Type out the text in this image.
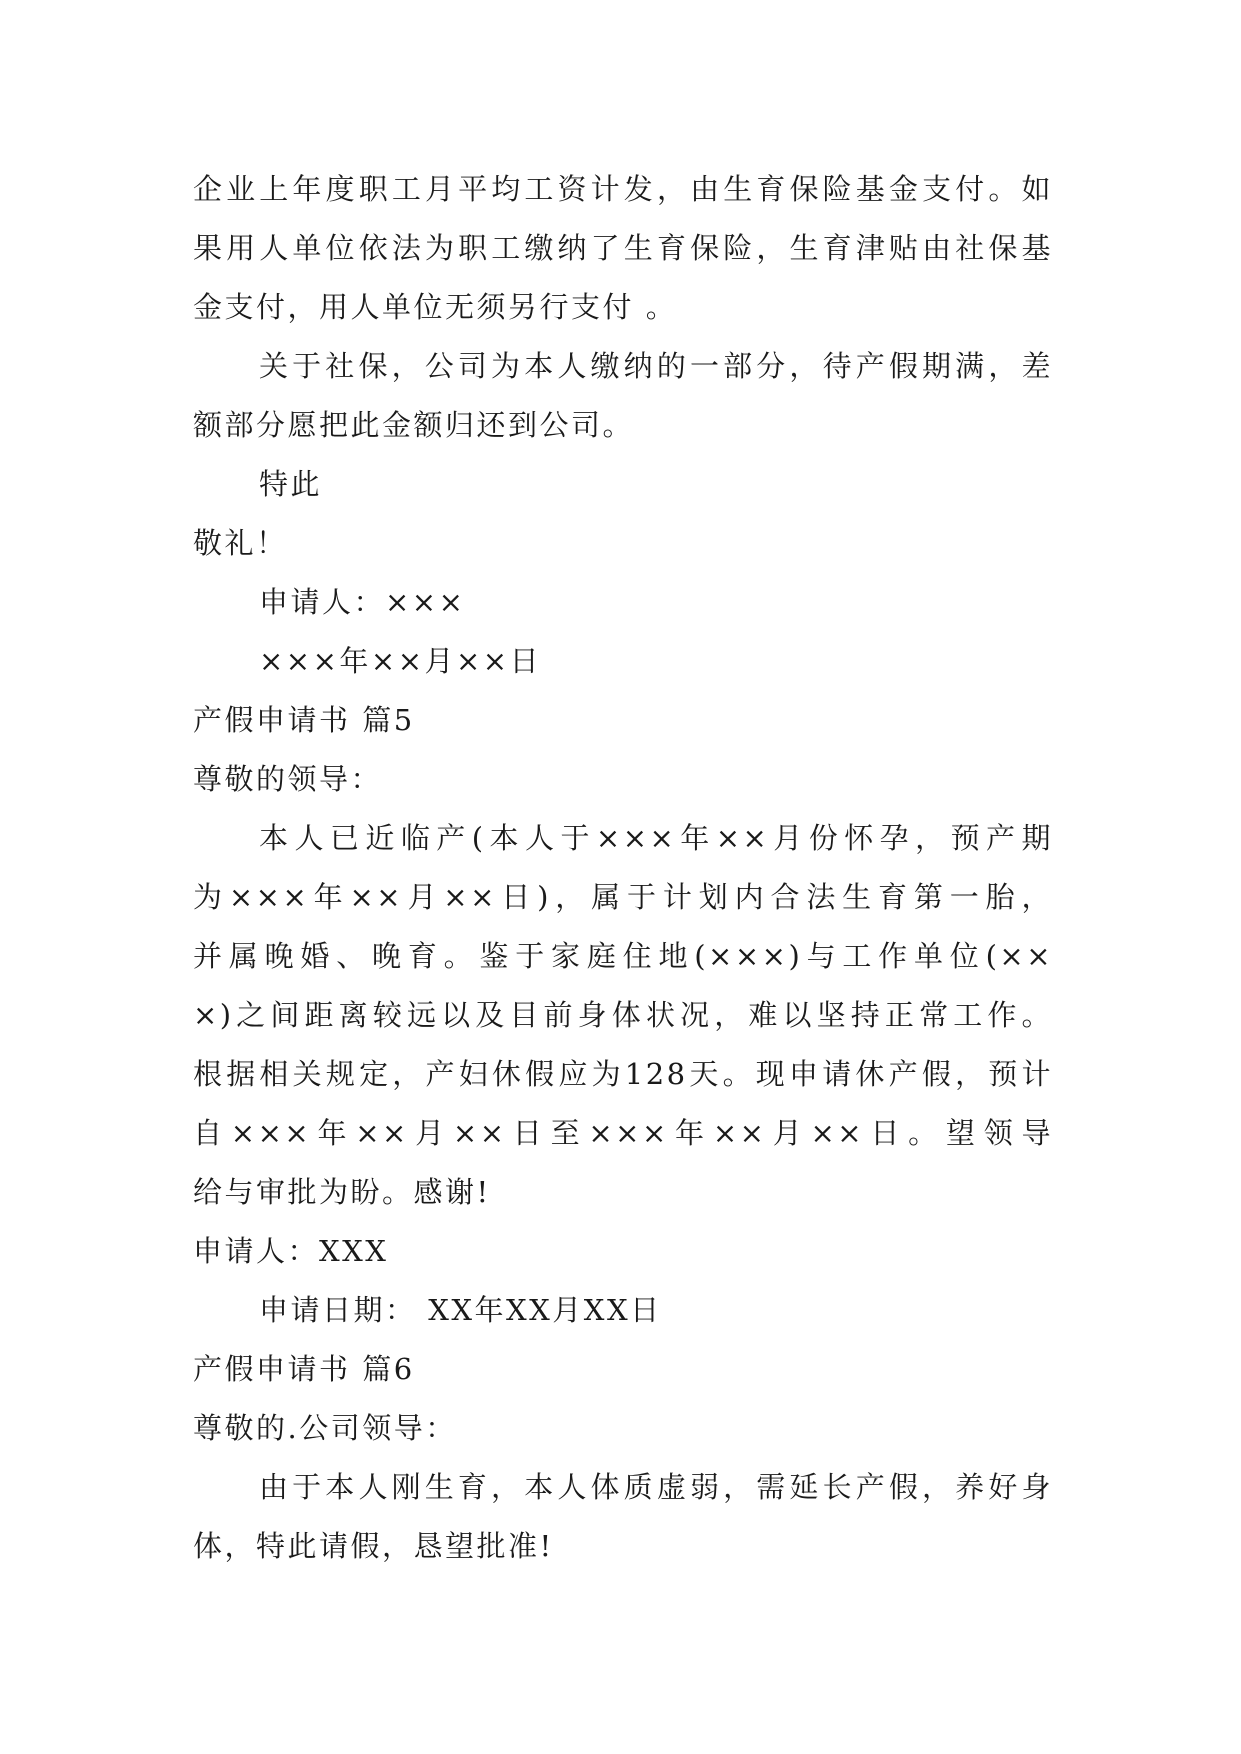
企业上年度职工月平均工资计发，由生育保险基金支付。如
果用人单位依法为职工缴纳了生育保险，生育津贴由社保基
金支付，用人单位无须另行支付 。
关于社保，公司为本人缴纳的一部分，待产假期满，差
额部分愿把此金额归还到公司。
特此
敬礼！
申请人：×××
×××年××月××日
产假申请书 篇5
尊敬的领导：
本人已近临产(本人于×××年××月份怀孕，预产期
为×××年××月××日)，属于计划内合法生育第一胎，
并属晚婚、晚育。鉴于家庭住地(×××)与工作单位(××
×)之间距离较远以及目前身体状况，难以坚持正常工作。
根据相关规定，产妇休假应为128天。现申请休产假，预计
自×××年××月××日至×××年××月××日。望领导
给与审批为盼。感谢!
申请人：XXX
申请日期： XX年XX月XX日
产假申请书 篇6
尊敬的.公司领导：
由于本人刚生育，本人体质虚弱，需延长产假，养好身
体，特此请假，恳望批准!
